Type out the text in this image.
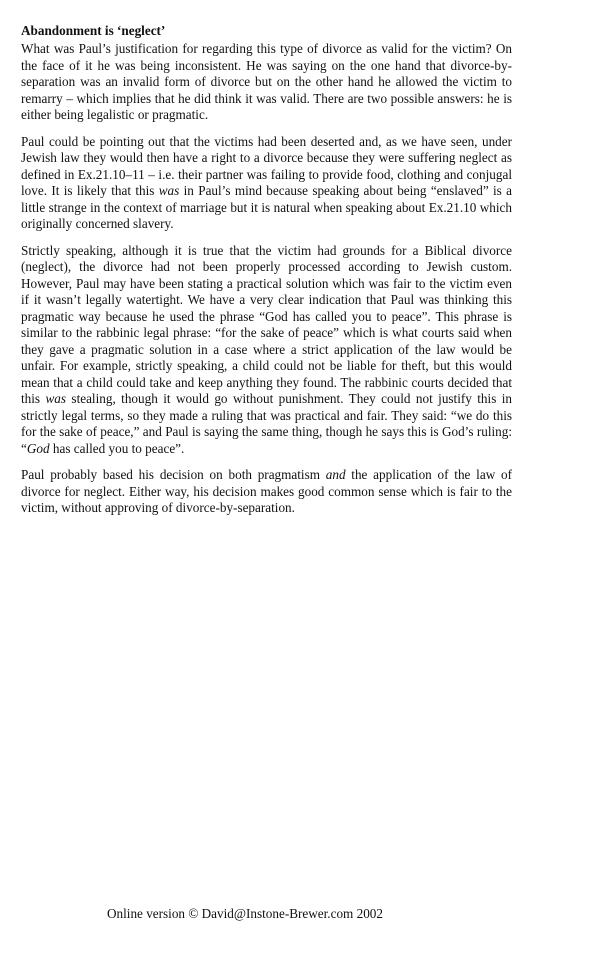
Abandonment is ‘neglect’

What was Paul’s justification for regarding this type of divorce as valid for the victim? On the face of it he was being inconsistent. He was saying on the one hand that divorce-by-separation was an invalid form of divorce but on the other hand he allowed the victim to remarry – which implies that he did think it was valid. There are two possible answers: he is either being legalistic or pragmatic.

Paul could be pointing out that the victims had been deserted and, as we have seen, under Jewish law they would then have a right to a divorce because they were suffering neglect as defined in Ex.21.10–11 – i.e. their partner was failing to provide food, clothing and conjugal love. It is likely that this was in Paul’s mind because speaking about being “enslaved” is a little strange in the context of marriage but it is natural when speaking about Ex.21.10 which originally concerned slavery.

Strictly speaking, although it is true that the victim had grounds for a Biblical divorce (neglect), the divorce had not been properly processed according to Jewish custom. However, Paul may have been stating a practical solution which was fair to the victim even if it wasn’t legally watertight. We have a very clear indication that Paul was thinking this pragmatic way because he used the phrase “God has called you to peace”. This phrase is similar to the rabbinic legal phrase: “for the sake of peace” which is what courts said when they gave a pragmatic solution in a case where a strict application of the law would be unfair. For example, strictly speaking, a child could not be liable for theft, but this would mean that a child could take and keep anything they found. The rabbinic courts decided that this was stealing, though it would go without punishment. They could not justify this in strictly legal terms, so they made a ruling that was practical and fair. They said: “we do this for the sake of peace,” and Paul is saying the same thing, though he says this is God’s ruling: “God has called you to peace”.

Paul probably based his decision on both pragmatism and the application of the law of divorce for neglect. Either way, his decision makes good common sense which is fair to the victim, without approving of divorce-by-separation.

Online version © David@Instone-Brewer.com 2002
